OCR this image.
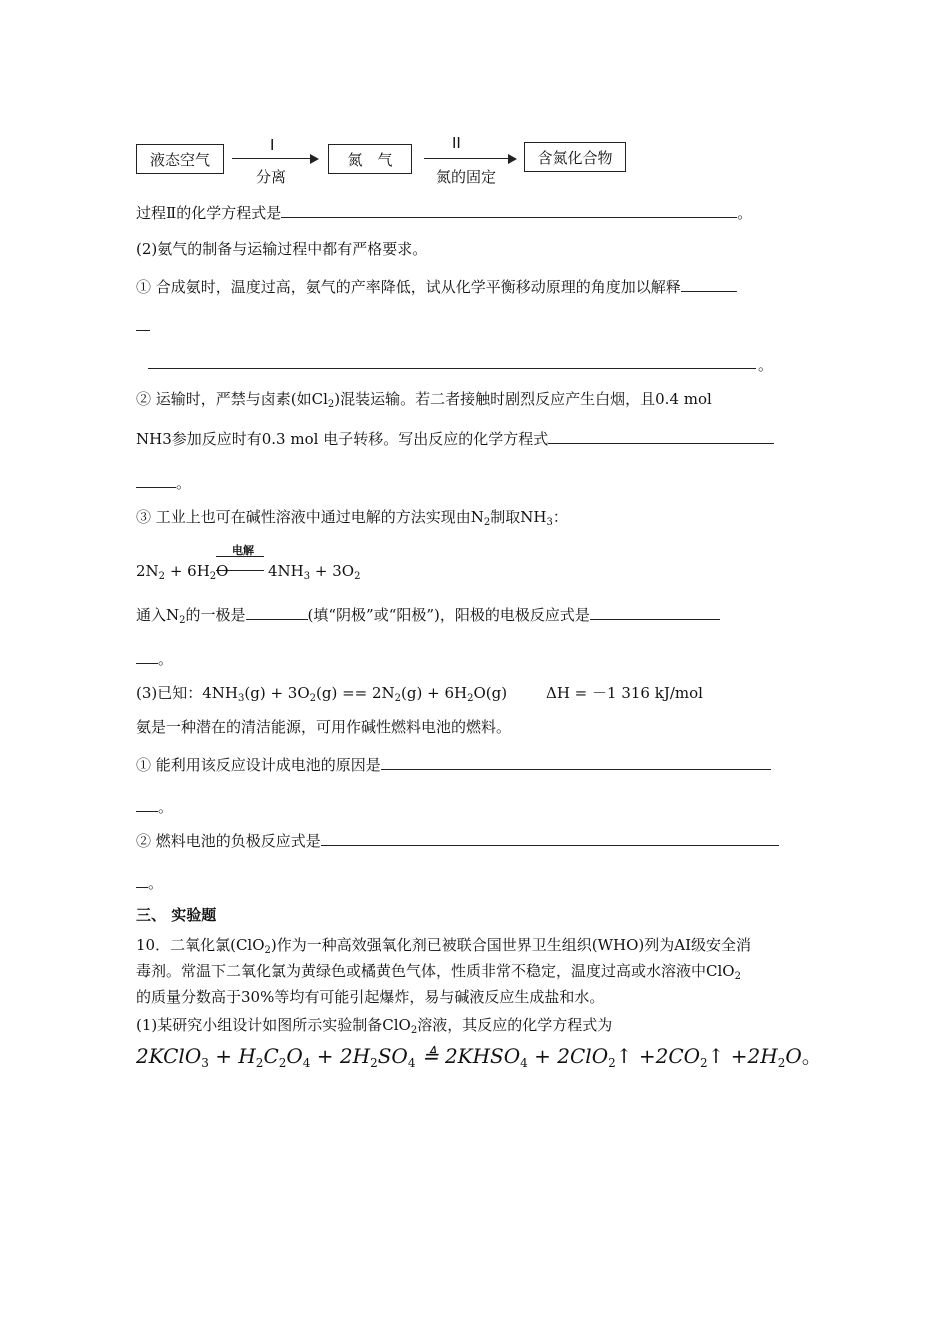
液态空气
I
分离
氮　气
II
氮的固定
含氮化合物
过程Ⅱ的化学方程式是	。
(2)氨气的制备与运输过程中都有严格要求。
① 合成氨时，温度过高，氨气的产率降低，试从化学平衡移动原理的角度加以解释
。
② 运输时，严禁与卤素(如$Cl_2$)混装运输。若二者接触时剧烈反应产生白烟，且0.4 mol
NH3参加反应时有0.3 mol 电子转移。写出反应的化学方程式
。
③ 工业上也可在碱性溶液中通过电解的方法实现由$N_2$制取$NH_3$：
电解
$2N_2 + 6H_2O$	$4NH_3 + 3O_2$
通入$N_2$的一极是	(填“阴极”或“阳极”)，阳极的电极反应式是
。
(3)已知：$4NH_3(g) + 3O_2(g) == 2N_2(g) + 6H_2O(g)$	ΔH = －1 316 kJ/mol
氨是一种潜在的清洁能源，可用作碱性燃料电池的燃料。
① 能利用该反应设计成电池的原因是
。
② 燃料电池的负极反应式是
。
三、 实验题
10．二氧化氯(ClO$_2$)作为一种高效强氧化剂已被联合国世界卫生组织(WHO)列为AI级安全消
毒剂。常温下二氧化氯为黄绿色或橘黄色气体，性质非常不稳定，温度过高或水溶液中ClO$_2$
的质量分数高于30%等均有可能引起爆炸，易与碱液反应生成盐和水。
(1)某研究小组设计如图所示实验制备ClO$_2$溶液，其反应的化学方程式为
2KClO$_3$ + $H_2C_2O_4 + 2H_2SO_4$ ≜ $2KHSO_4$ + 2ClO$_2$↑ $+2CO_2↑ +2H_2O$。
